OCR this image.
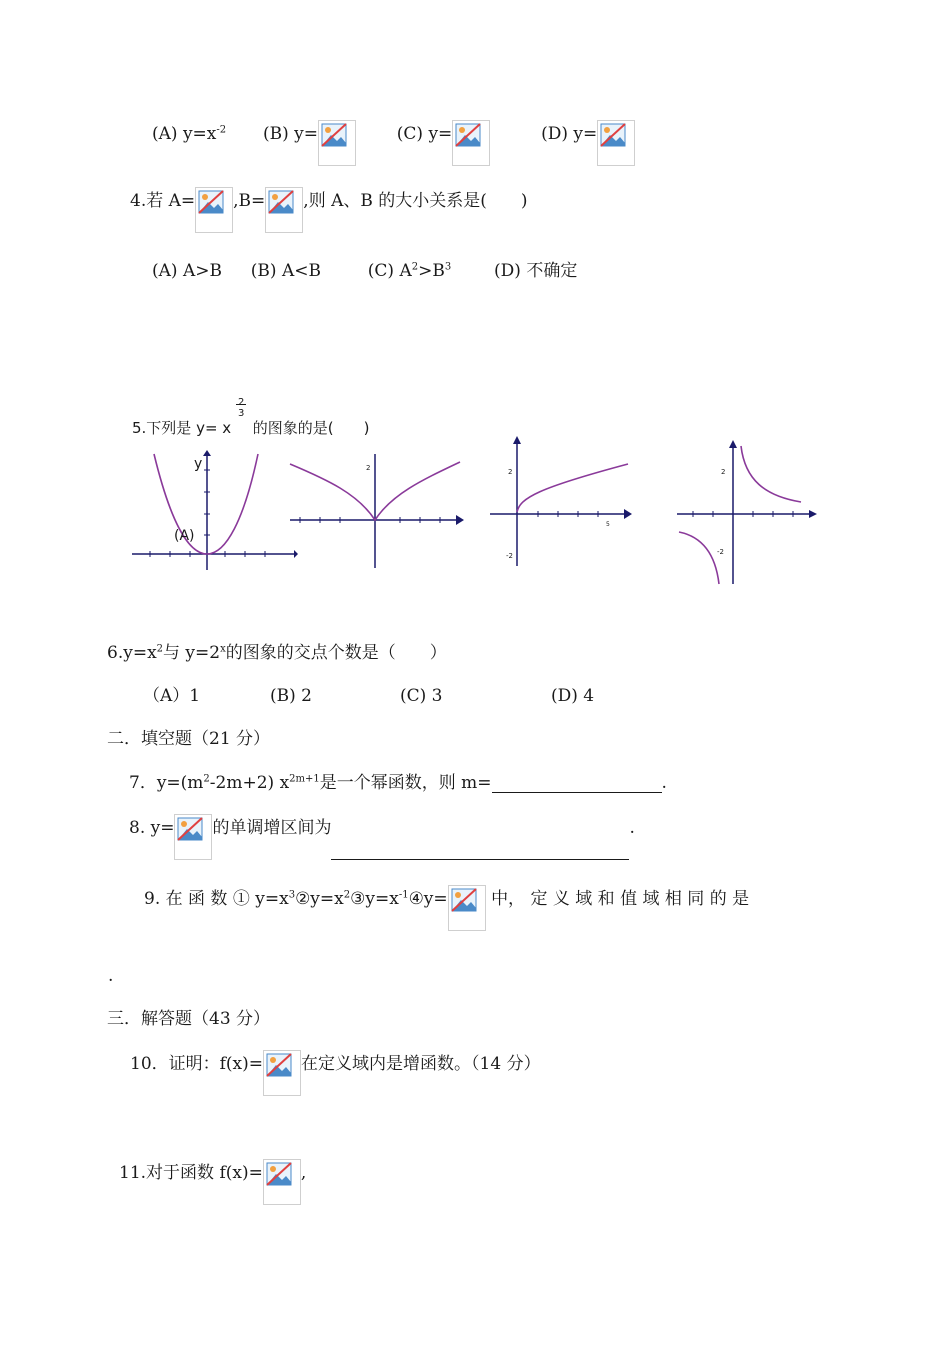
(A) $y=x^{-2}$ (B) y=	(C) y=	(D) y=
4.若 A= ,B= ,则 A、B 的大小关系是(　　)
(A) A>B (B) A<B	(C) $A^2>B^3$	(D) 不确定
5.下列是 y= x
2
3
的图象的是(　　)
y
(A)
2	2
-2
5
2
-2
$6.y=x^2$与 $y=2^x$的图象的交点个数是（　　）
（A）1	(B) 2	(C) 3	(D) 4
二．填空题（21 分）
7．$y=(m^2-2m+2)$ $x^{2m+1}$是一个幂函数，则 m=	.
8. y= 的单调增区间为	.
9. 在 函 数 ① $y=x^3②y=x^2③y=x^{-1}④y=$	中， 定 义 域 和 值 域 相 同 的 是
.
三．解答题（43 分）
10．证明：f(x)= 在定义域内是增函数。（14 分）
11.对于函数 f(x)= ,
